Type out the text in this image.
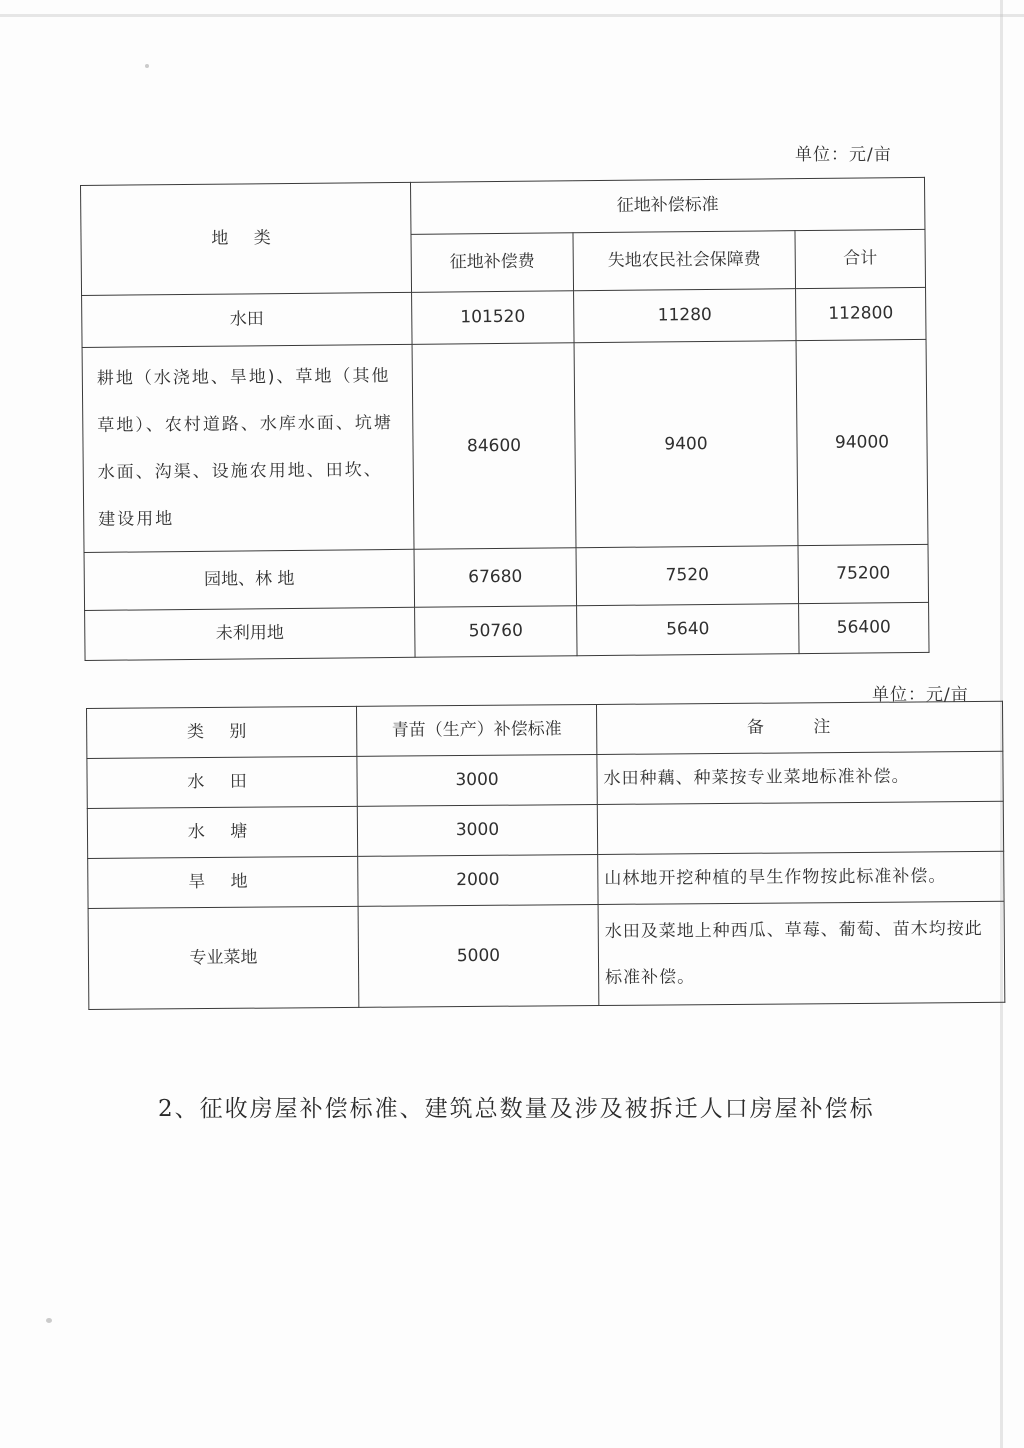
单位：元/亩
地 类	征地补偿标准		
	征地补偿费	失地农民社会保障费	合计
水田	101520	11280	112800
耕地（水浇地、旱地)、草地（其他草地）、农村道路、水库水面、坑塘水面、沟渠、设施农用地、田坎、建设用地	84600	9400	94000
园地、林 地	67680	7520	75200
未利用地	50760	5640	56400
单位：元/亩
类 别	青苗（生产）补偿标准	备 注
水 田	3000	水田种藕、种菜按专业菜地标准补偿。
水 塘	3000	
旱 地	2000	山林地开挖种植的旱生作物按此标准补偿。
专业菜地	5000	水田及菜地上种西瓜、草莓、葡萄、苗木均按此标准补偿。
2、征收房屋补偿标准、建筑总数量及涉及被拆迁人口房屋补偿标
